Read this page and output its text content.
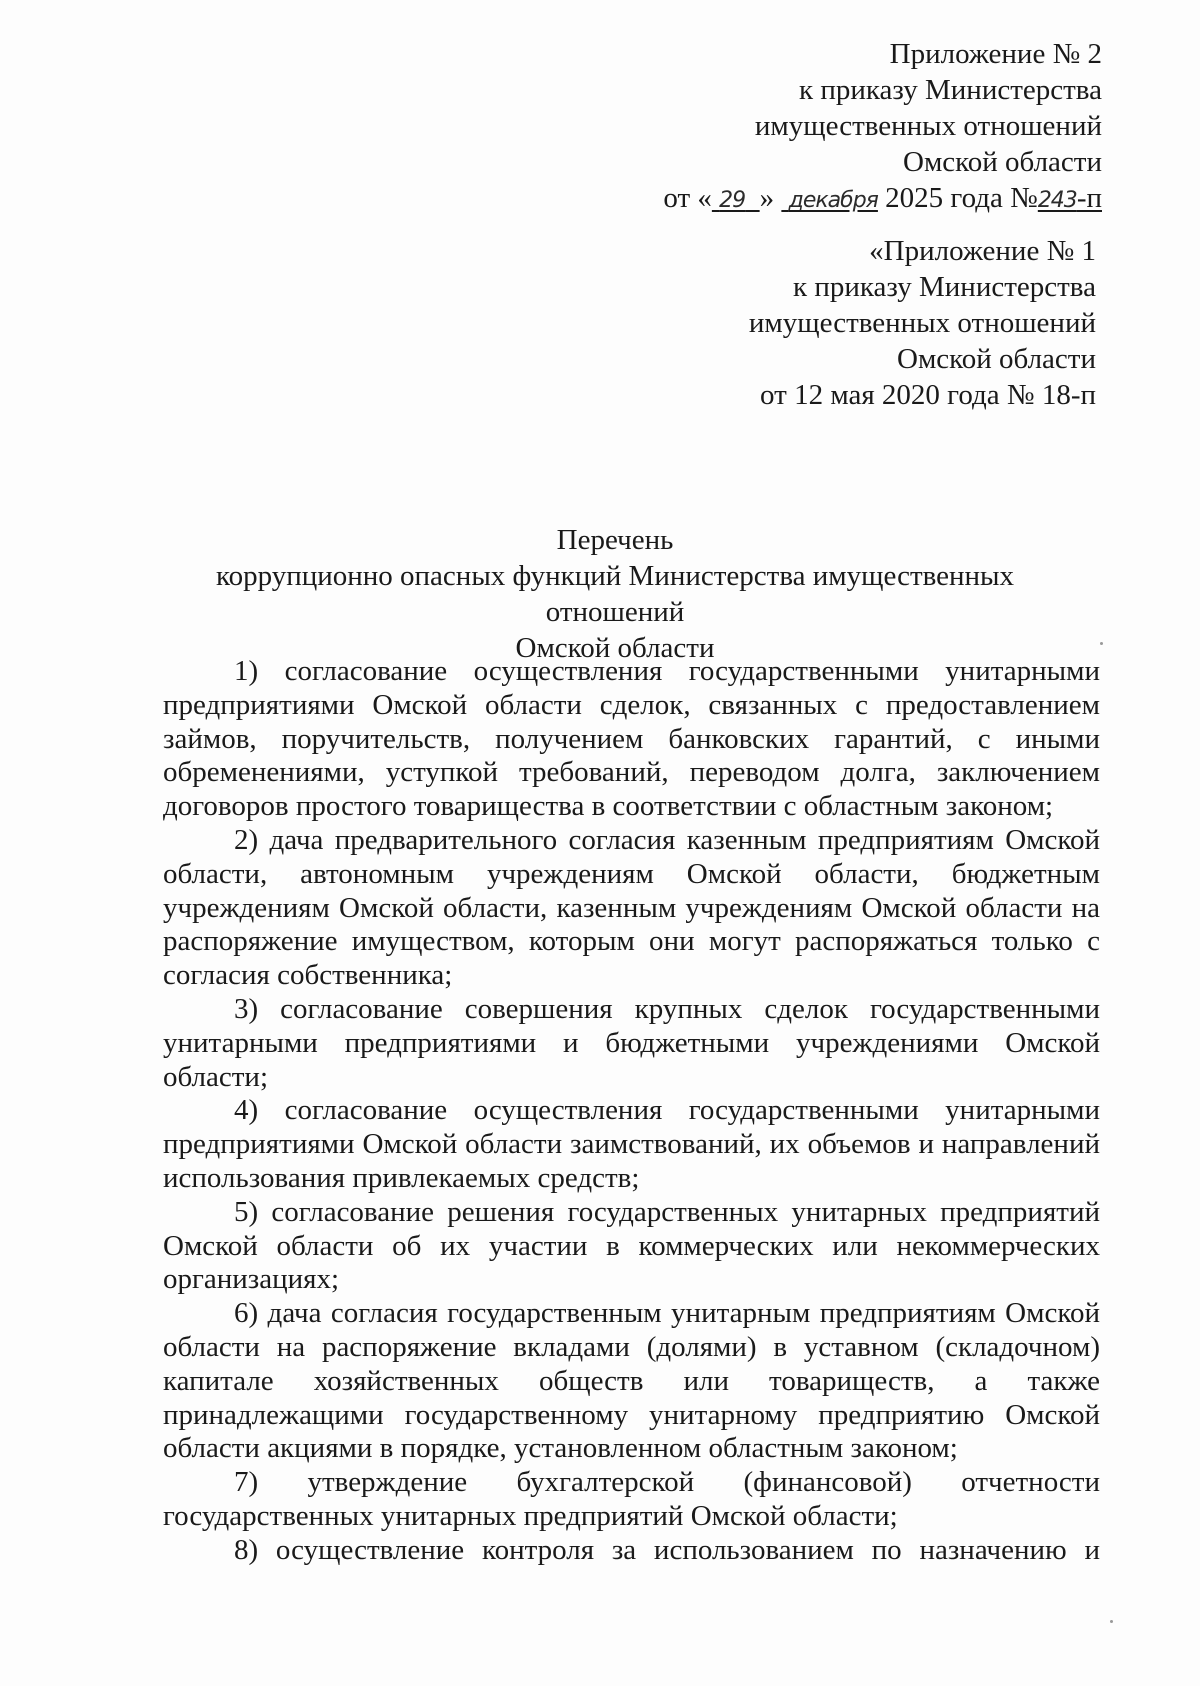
Приложение № 2
к приказу Министерства
имущественных отношений
Омской области
от « 29 »  декабря 2025 года №243-п
«Приложение № 1
к приказу Министерства
имущественных отношений
Омской области
от 12 мая 2020 года № 18-п
Перечень
коррупционно опасных функций Министерства имущественных отношений
Омской области

1) согласование осуществления государственными унитарными предприятиями Омской области сделок, связанных с предоставлением займов, поручительств, получением банковских гарантий, с иными обременениями, уступкой требований, переводом долга, заключением договоров простого товарищества в соответствии с областным законом;

2) дача предварительного согласия казенным предприятиям Омской области, автономным учреждениям Омской области, бюджетным учреждениям Омской области, казенным учреждениям Омской области на распоряжение имуществом, которым они могут распоряжаться только с согласия собственника;

3) согласование совершения крупных сделок государственными унитарными предприятиями и бюджетными учреждениями Омской области;

4) согласование осуществления государственными унитарными предприятиями Омской области заимствований, их объемов и направлений использования привлекаемых средств;

5) согласование решения государственных унитарных предприятий Омской области об их участии в коммерческих или некоммерческих организациях;

6) дача согласия государственным унитарным предприятиям Омской области на распоряжение вкладами (долями) в уставном (складочном) капитале хозяйственных обществ или товариществ, а также принадлежащими государственному унитарному предприятию Омской области акциями в порядке, установленном областным законом;

7) утверждение бухгалтерской (финансовой) отчетности государственных унитарных предприятий Омской области;

8) осуществление контроля за использованием по назначению и
